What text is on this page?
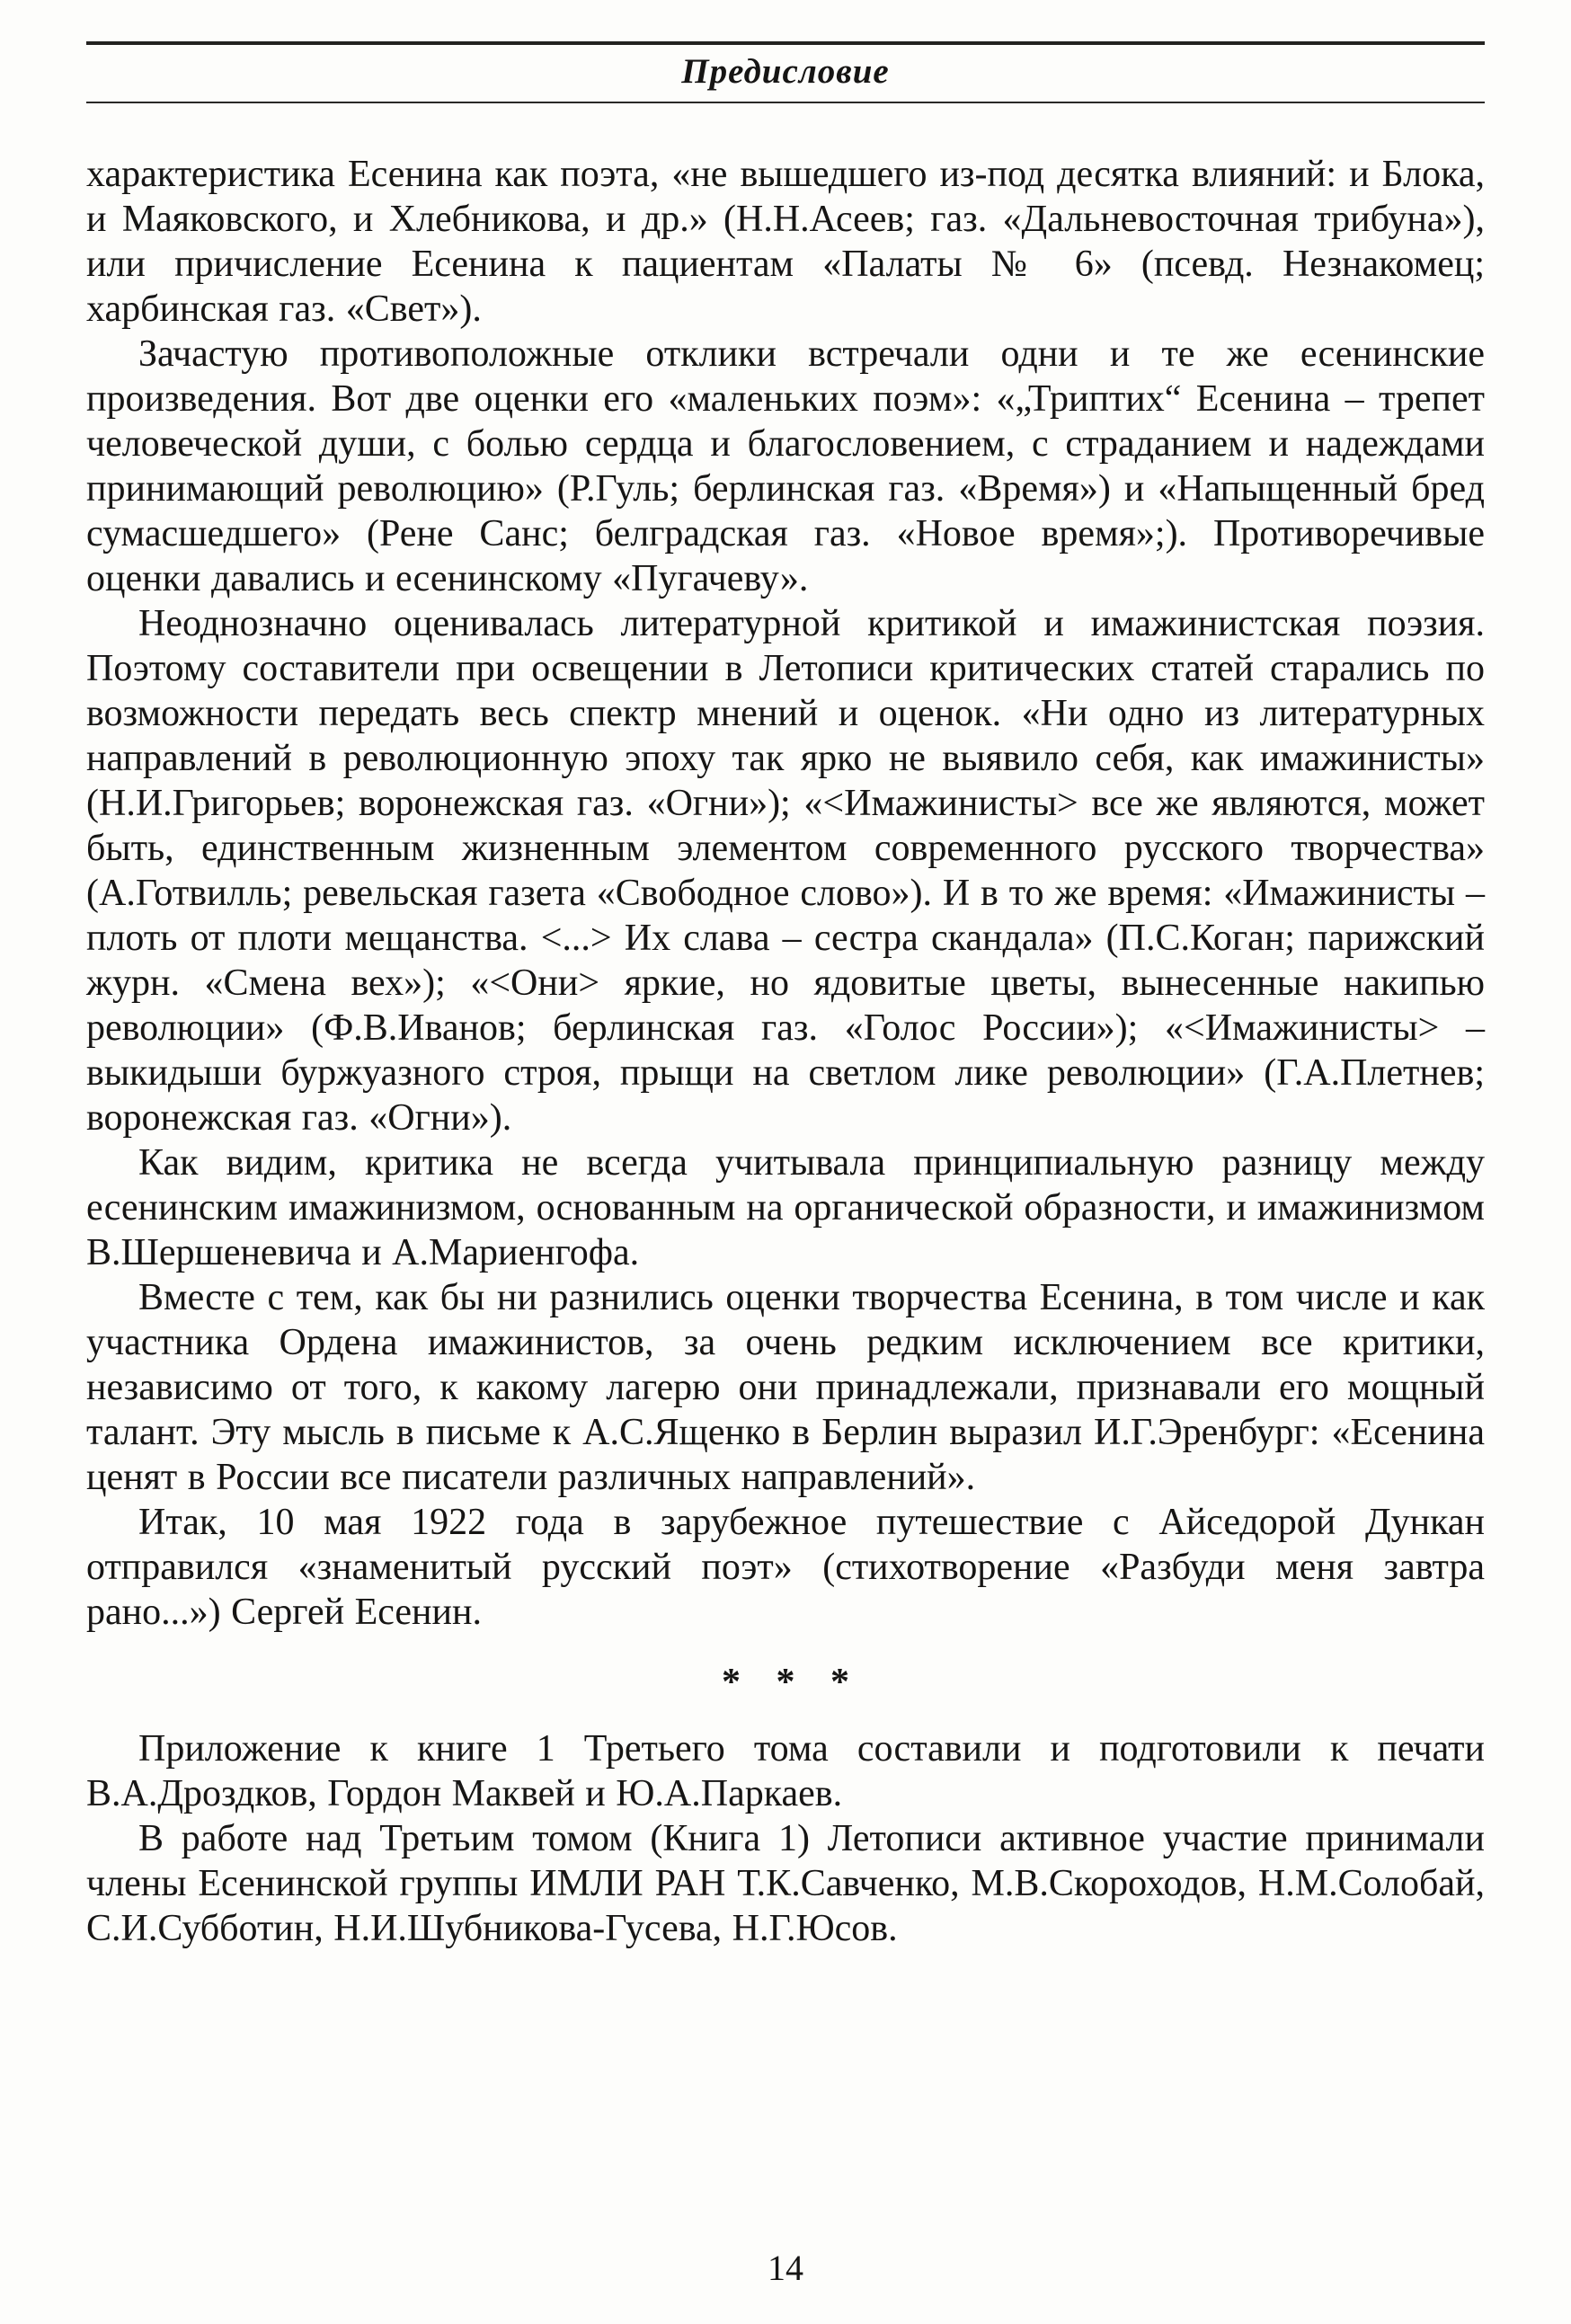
Предисловие

характеристика Есенина как поэта, «не вышедшего из-под десятка влияний: и Блока, и Маяковского, и Хлебникова, и др.» (Н.Н.Асеев; газ. «Дальневосточная трибуна»), или причисление Есенина к пациентам «Палаты № 6» (псевд. Незнакомец; харбинская газ. «Свет»).

Зачастую противоположные отклики встречали одни и те же есенинские произведения. Вот две оценки его «маленьких поэм»: «„Триптих“ Есенина – трепет человеческой души, с болью сердца и благословением, с страданием и надеждами принимающий революцию» (Р.Гуль; берлинская газ. «Время») и «Напыщенный бред сумасшедшего» (Рене Санс; белградская газ. «Новое время»;). Противоречивые оценки давались и есенинскому «Пугачеву».

Неоднозначно оценивалась литературной критикой и имажинистская поэзия. Поэтому составители при освещении в Летописи критических статей старались по возможности передать весь спектр мнений и оценок. «Ни одно из литературных направлений в революционную эпоху так ярко не выявило себя, как имажинисты» (Н.И.Григорьев; воронежская газ. «Огни»); «<Имажинисты> все же являются, может быть, единственным жизненным элементом современного русского творчества» (А.Готвилль; ревельская газета «Свободное слово»). И в то же время: «Имажинисты – плоть от плоти мещанства. <...> Их слава – сестра скандала» (П.С.Коган; парижский журн. «Смена вех»); «<Они> яркие, но ядовитые цветы, вынесенные накипью революции» (Ф.В.Иванов; берлинская газ. «Голос России»); «<Имажинисты> – выкидыши буржуазного строя, прыщи на светлом лике революции» (Г.А.Плетнев; воронежская газ. «Огни»).

Как видим, критика не всегда учитывала принципиальную разницу между есенинским имажинизмом, основанным на органической образности, и имажинизмом В.Шершеневича и А.Мариенгофа.

Вместе с тем, как бы ни разнились оценки творчества Есенина, в том числе и как участника Ордена имажинистов, за очень редким исключением все критики, независимо от того, к какому лагерю они принадлежали, признавали его мощный талант. Эту мысль в письме к А.С.Ященко в Берлин выразил И.Г.Эренбург: «Есенина ценят в России все писатели различных направлений».

Итак, 10 мая 1922 года в зарубежное путешествие с Айседорой Дункан отправился «знаменитый русский поэт» (стихотворение «Разбуди меня завтра рано...») Сергей Есенин.

* * *

Приложение к книге 1 Третьего тома составили и подготовили к печати В.А.Дроздков, Гордон Маквей и Ю.А.Паркаев.

В работе над Третьим томом (Книга 1) Летописи активное участие принимали члены Есенинской группы ИМЛИ РАН Т.К.Савченко, М.В.Скороходов, Н.М.Солобай, С.И.Субботин, Н.И.Шубникова-Гусева, Н.Г.Юсов.

14
